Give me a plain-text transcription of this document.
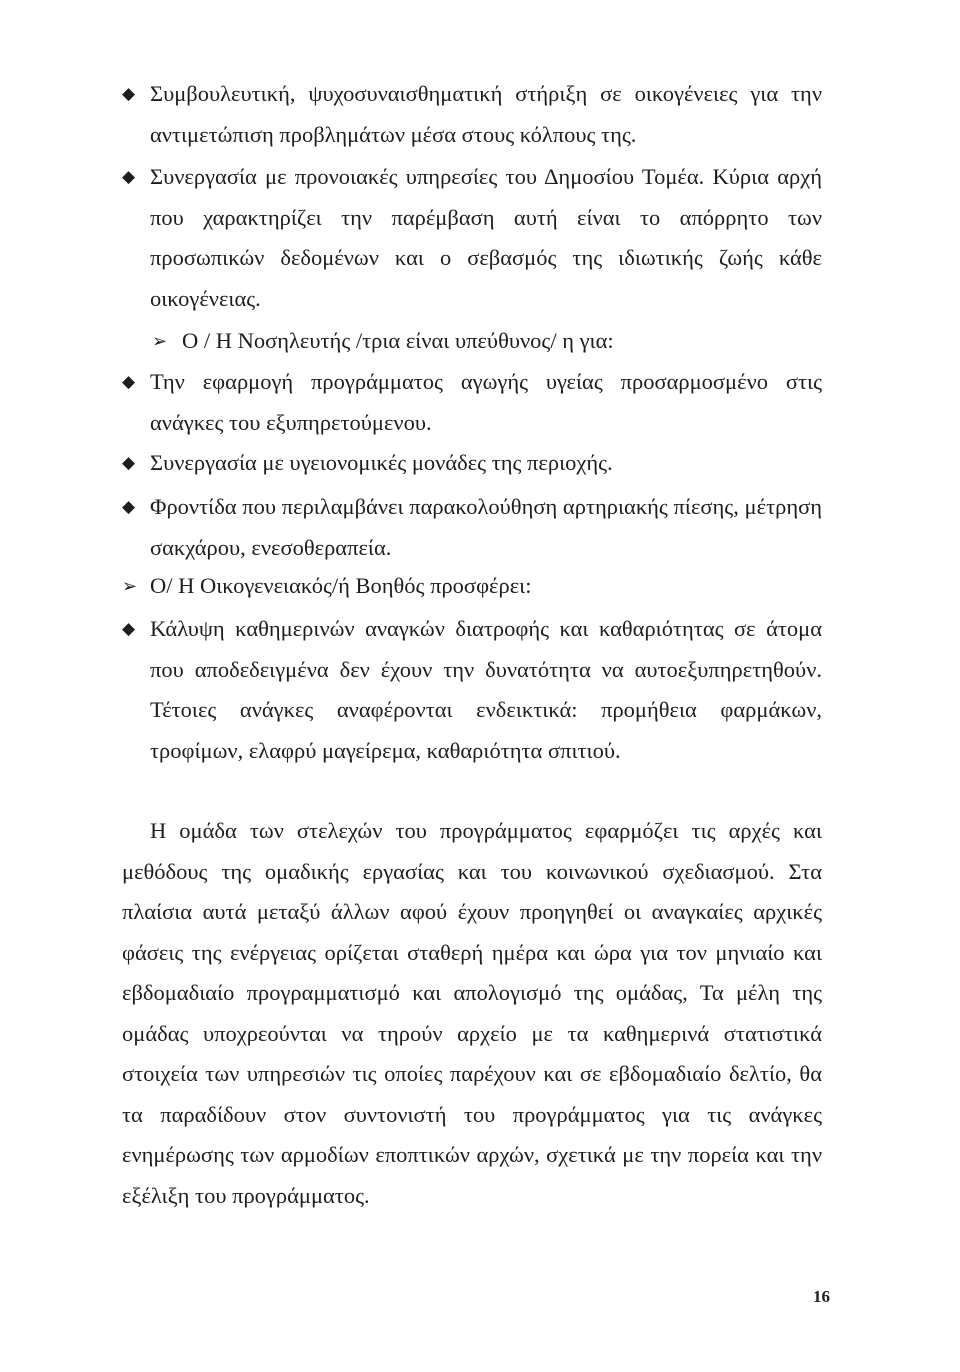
◆ Συμβουλευτική, ψυχοσυναισθηματική στήριξη σε οικογένειες για την αντιμετώπιση προβλημάτων μέσα στους κόλπους της.

◆ Συνεργασία με προνοιακές υπηρεσίες του Δημοσίου Τομέα. Κύρια αρχή που χαρακτηρίζει την παρέμβαση αυτή είναι το απόρρητο των προσωπικών δεδομένων και ο σεβασμός της ιδιωτικής ζωής κάθε οικογένειας.

➢ Ο / Η Νοσηλευτής /τρια είναι υπεύθυνος/ η για:

◆ Την εφαρμογή προγράμματος αγωγής υγείας προσαρμοσμένο στις ανάγκες του εξυπηρετούμενου.

◆ Συνεργασία με υγειονομικές μονάδες της περιοχής.

◆ Φροντίδα που περιλαμβάνει παρακολούθηση αρτηριακής πίεσης, μέτρηση σακχάρου, ενεσοθεραπεία.

➢ Ο/ Η Οικογενειακός/ή Βοηθός προσφέρει:

◆ Κάλυψη καθημερινών αναγκών διατροφής και καθαριότητας σε άτομα που αποδεδειγμένα δεν έχουν την δυνατότητα να αυτοεξυπηρετηθούν. Τέτοιες ανάγκες αναφέρονται ενδεικτικά: προμήθεια φαρμάκων, τροφίμων, ελαφρύ μαγείρεμα, καθαριότητα σπιτιού.

Η ομάδα των στελεχών του προγράμματος εφαρμόζει τις αρχές και μεθόδους της ομαδικής εργασίας και του κοινωνικού σχεδιασμού. Στα πλαίσια αυτά μεταξύ άλλων αφού έχουν προηγηθεί οι αναγκαίες αρχικές φάσεις της ενέργειας ορίζεται σταθερή ημέρα και ώρα για τον μηνιαίο και εβδομαδιαίο προγραμματισμό και απολογισμό της ομάδας, Τα μέλη της ομάδας υποχρεούνται να τηρούν αρχείο με τα καθημερινά στατιστικά στοιχεία των υπηρεσιών τις οποίες παρέχουν και σε εβδομαδιαίο δελτίο, θα τα παραδίδουν στον συντονιστή του προγράμματος για τις ανάγκες ενημέρωσης των αρμοδίων εποπτικών αρχών, σχετικά με την πορεία και την εξέλιξη του προγράμματος.

16
